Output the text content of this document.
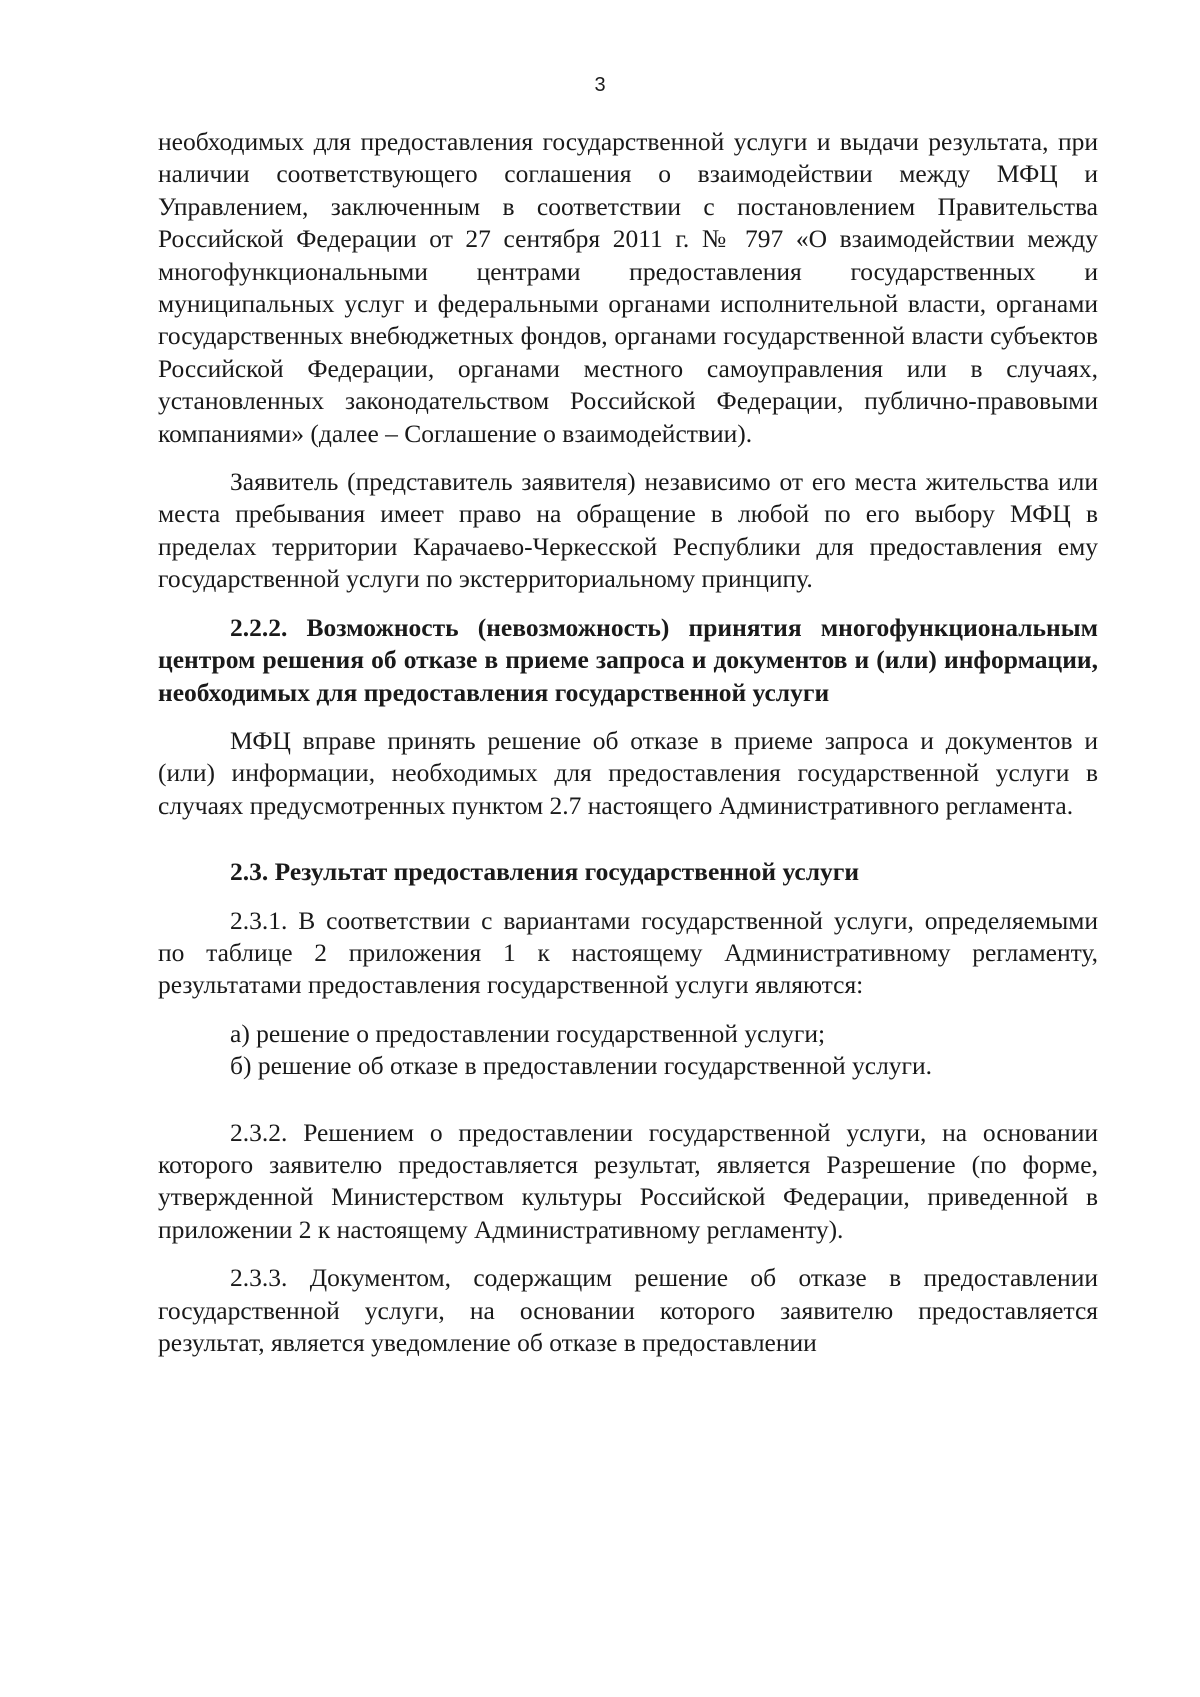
3

необходимых для предоставления государственной услуги и выдачи результата, при наличии соответствующего соглашения о взаимодействии между МФЦ и Управлением, заключенным в соответствии с постановлением Правительства Российской Федерации от 27 сентября 2011 г. № 797 «О взаимодействии между многофункциональными центрами предоставления государственных и муниципальных услуг и федеральными органами исполнительной власти, органами государственных внебюджетных фондов, органами государственной власти субъектов Российской Федерации, органами местного самоуправления или в случаях, установленных законодательством Российской Федерации, публично-правовыми компаниями» (далее – Соглашение о взаимодействии).

Заявитель (представитель заявителя) независимо от его места жительства или места пребывания имеет право на обращение в любой по его выбору МФЦ в пределах территории Карачаево-Черкесской Республики для предоставления ему государственной услуги по экстерриториальному принципу.

2.2.2. Возможность (невозможность) принятия многофункциональным центром решения об отказе в приеме запроса и документов и (или) информации, необходимых для предоставления государственной услуги

МФЦ вправе принять решение об отказе в приеме запроса и документов и (или) информации, необходимых для предоставления государственной услуги в случаях предусмотренных пунктом 2.7 настоящего Административного регламента.

2.3. Результат предоставления государственной услуги

2.3.1. В соответствии с вариантами государственной услуги, определяемыми по таблице 2 приложения 1 к настоящему Административному регламенту, результатами предоставления государственной услуги являются:

а) решение о предоставлении государственной услуги;

б) решение об отказе в предоставлении государственной услуги.

2.3.2. Решением о предоставлении государственной услуги, на основании которого заявителю предоставляется результат, является Разрешение (по форме, утвержденной Министерством культуры Российской Федерации, приведенной в приложении 2 к настоящему Административному регламенту).

2.3.3. Документом, содержащим решение об отказе в предоставлении государственной услуги, на основании которого заявителю предоставляется результат, является уведомление об отказе в предоставлении
